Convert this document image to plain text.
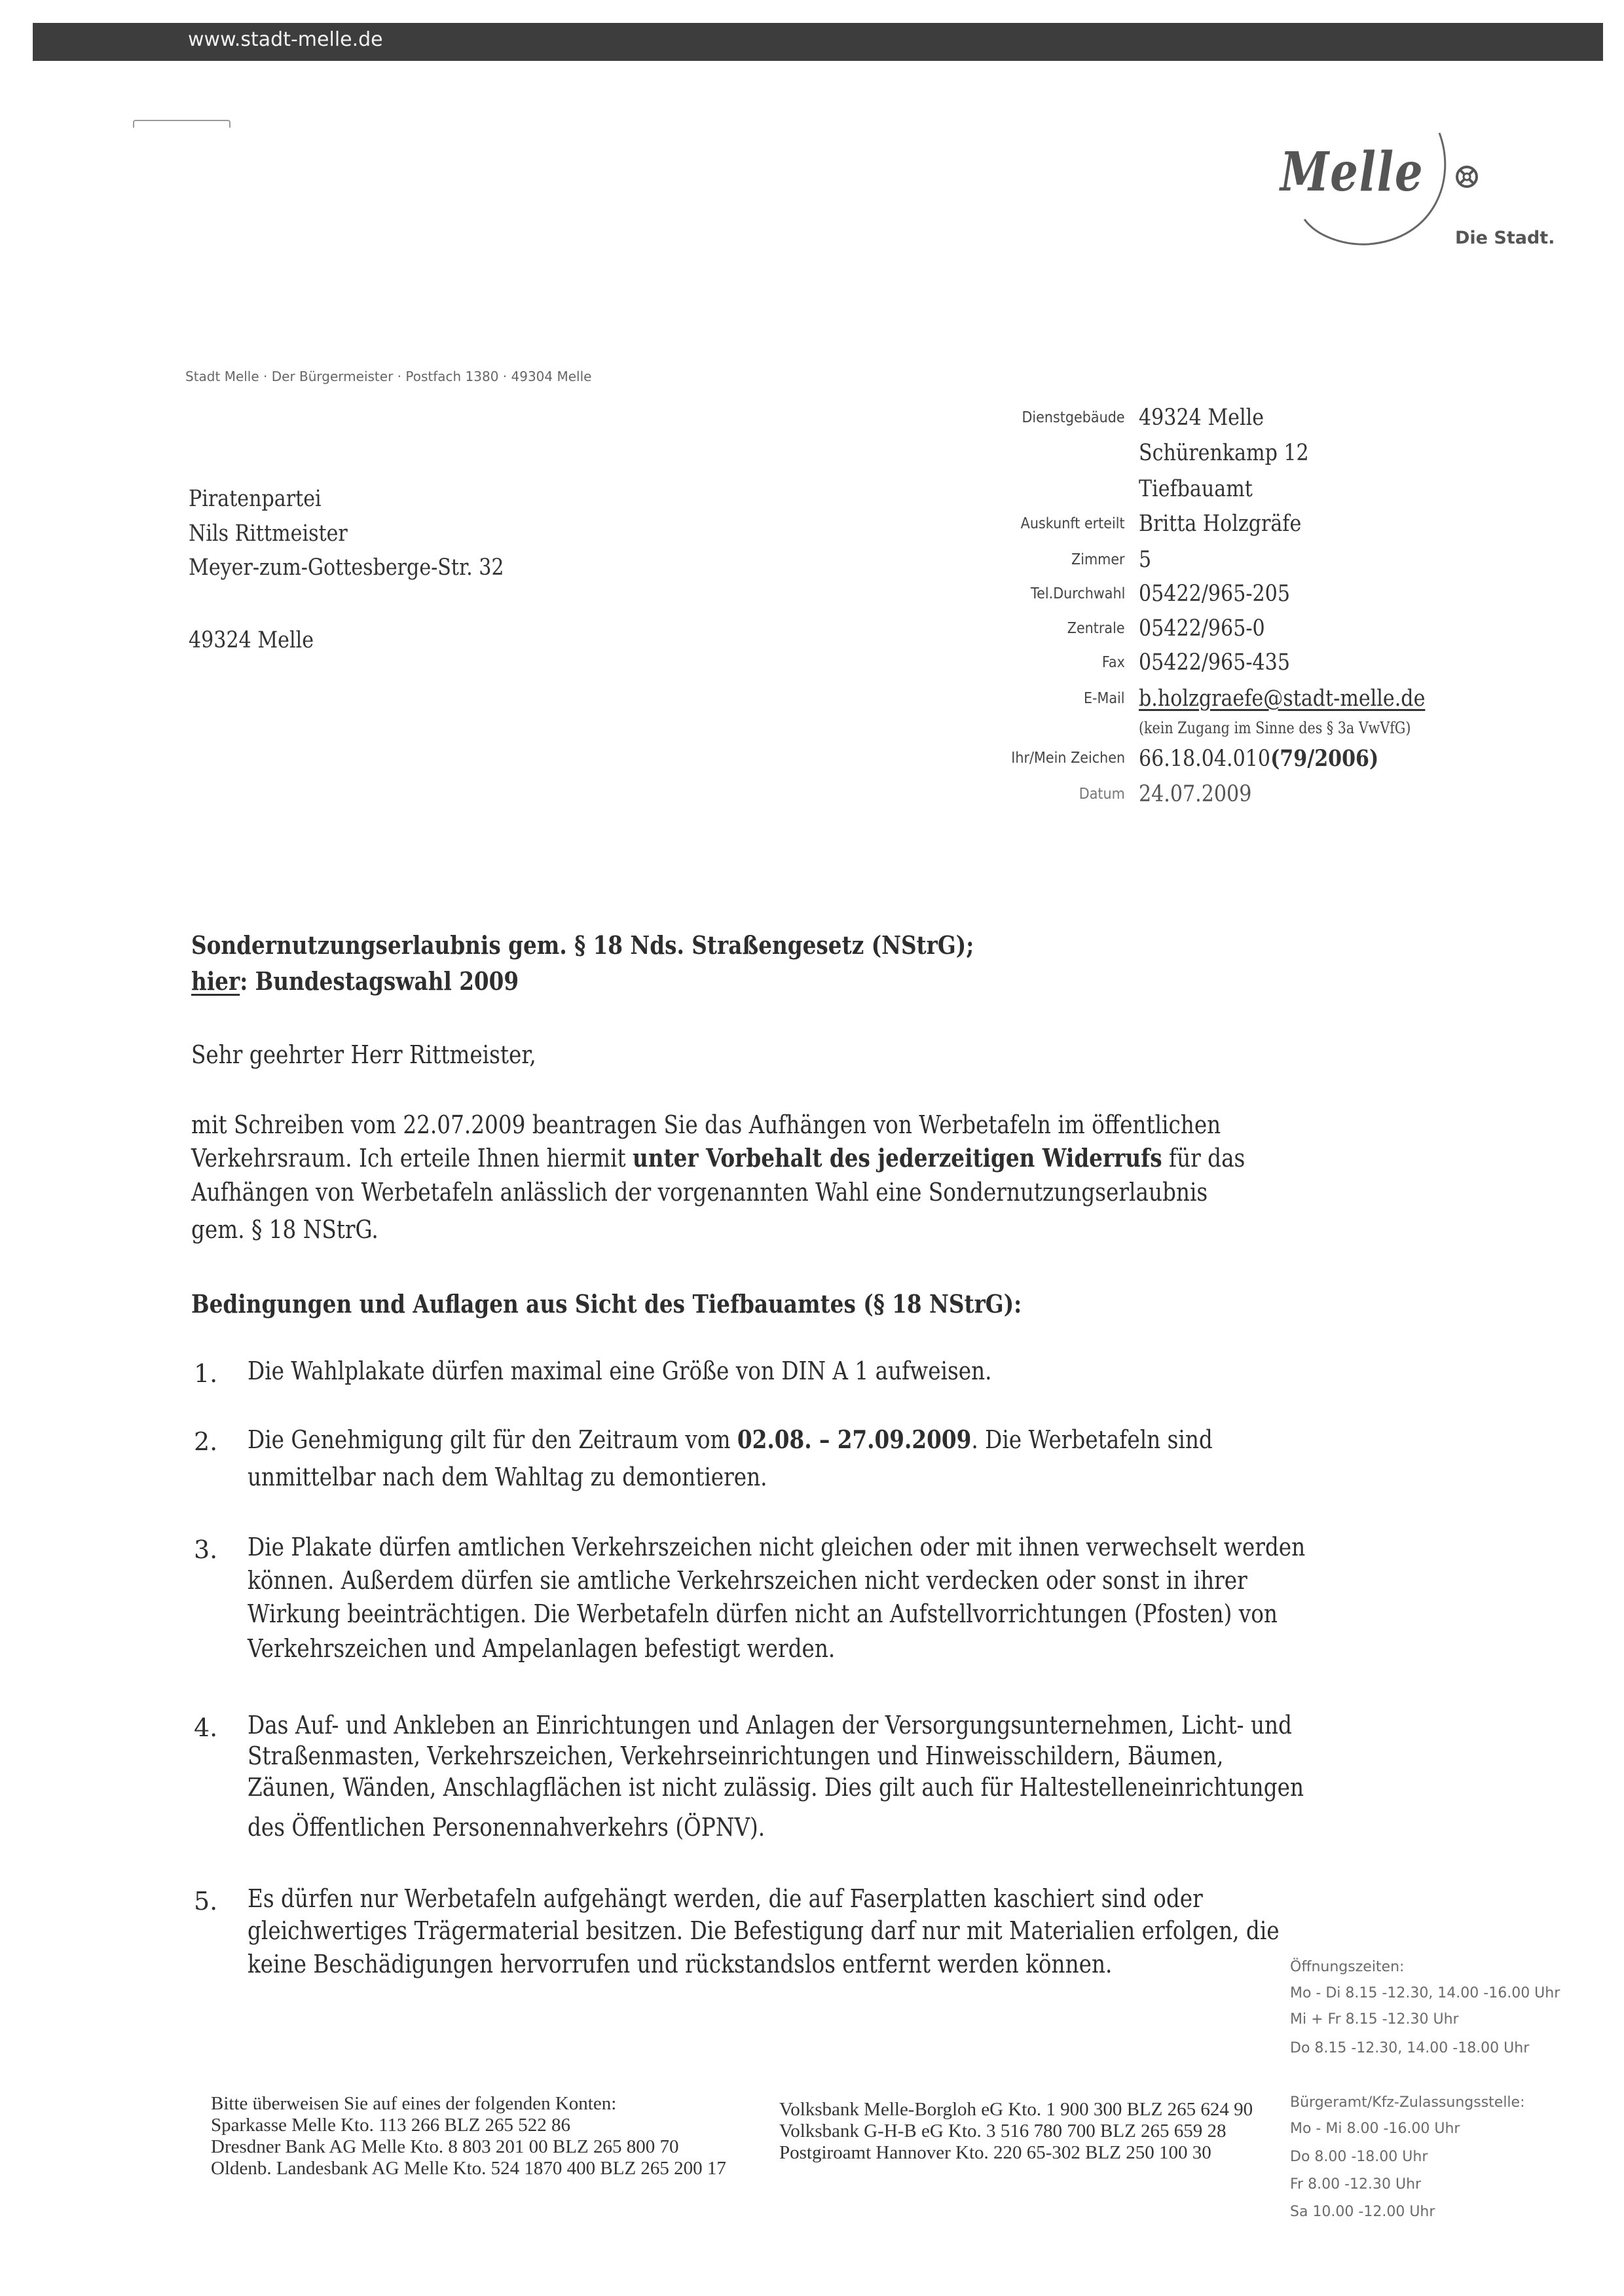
www.stadt-melle.de
Melle
Die Stadt.
Stadt Melle · Der Bürgermeister · Postfach 1380 · 49304 Melle
Piratenpartei
Nils Rittmeister
Meyer-zum-Gottesberge-Str. 32
49324 Melle
Dienstgebäude 49324 Melle
Schürenkamp 12
Tiefbauamt
Auskunft erteilt Britta Holzgräfe
Zimmer 5
Tel.Durchwahl 05422/965-205
Zentrale 05422/965-0
Fax 05422/965-435
E-Mail b.holzgraefe@stadt-melle.de
(kein Zugang im Sinne des § 3a VwVfG)
Ihr/Mein Zeichen 66.18.04.010(79/2006)
Datum 24.07.2009
Sondernutzungserlaubnis gem. § 18 Nds. Straßengesetz (NStrG);
hier: Bundestagswahl 2009
Sehr geehrter Herr Rittmeister,
mit Schreiben vom 22.07.2009 beantragen Sie das Aufhängen von Werbetafeln im öffentlichen
Verkehrsraum. Ich erteile Ihnen hiermit unter Vorbehalt des jederzeitigen Widerrufs für das
Aufhängen von Werbetafeln anlässlich der vorgenannten Wahl eine Sondernutzungserlaubnis
gem. § 18 NStrG.
Bedingungen und Auflagen aus Sicht des Tiefbauamtes (§ 18 NStrG):
1. Die Wahlplakate dürfen maximal eine Größe von DIN A 1 aufweisen.
2. Die Genehmigung gilt für den Zeitraum vom 02.08. – 27.09.2009. Die Werbetafeln sind
unmittelbar nach dem Wahltag zu demontieren.
3. Die Plakate dürfen amtlichen Verkehrszeichen nicht gleichen oder mit ihnen verwechselt werden
können. Außerdem dürfen sie amtliche Verkehrszeichen nicht verdecken oder sonst in ihrer
Wirkung beeinträchtigen. Die Werbetafeln dürfen nicht an Aufstellvorrichtungen (Pfosten) von
Verkehrszeichen und Ampelanlagen befestigt werden.
4. Das Auf- und Ankleben an Einrichtungen und Anlagen der Versorgungsunternehmen, Licht- und
Straßenmasten, Verkehrszeichen, Verkehrseinrichtungen und Hinweisschildern, Bäumen,
Zäunen, Wänden, Anschlagflächen ist nicht zulässig. Dies gilt auch für Haltestelleneinrichtungen
des Öffentlichen Personennahverkehrs (ÖPNV).
5. Es dürfen nur Werbetafeln aufgehängt werden, die auf Faserplatten kaschiert sind oder
gleichwertiges Trägermaterial besitzen. Die Befestigung darf nur mit Materialien erfolgen, die
keine Beschädigungen hervorrufen und rückstandslos entfernt werden können.	Öffnungszeiten:
Mo - Di 8.15 -12.30, 14.00 -16.00 Uhr
Mi + Fr 8.15 -12.30 Uhr
Do 8.15 -12.30, 14.00 -18.00 Uhr
Bürgeramt/Kfz-Zulassungsstelle:
Mo - Mi 8.00 -16.00 Uhr
Do 8.00 -18.00 Uhr
Fr 8.00 -12.30 Uhr
Sa 10.00 -12.00 Uhr
Bitte überweisen Sie auf eines der folgenden Konten:
Sparkasse Melle Kto. 113 266 BLZ 265 522 86
Dresdner Bank AG Melle Kto. 8 803 201 00 BLZ 265 800 70
Oldenb. Landesbank AG Melle Kto. 524 1870 400 BLZ 265 200 17
Volksbank Melle-Borgloh eG Kto. 1 900 300 BLZ 265 624 90
Volksbank G-H-B eG Kto. 3 516 780 700 BLZ 265 659 28
Postgiroamt Hannover Kto. 220 65-302 BLZ 250 100 30
